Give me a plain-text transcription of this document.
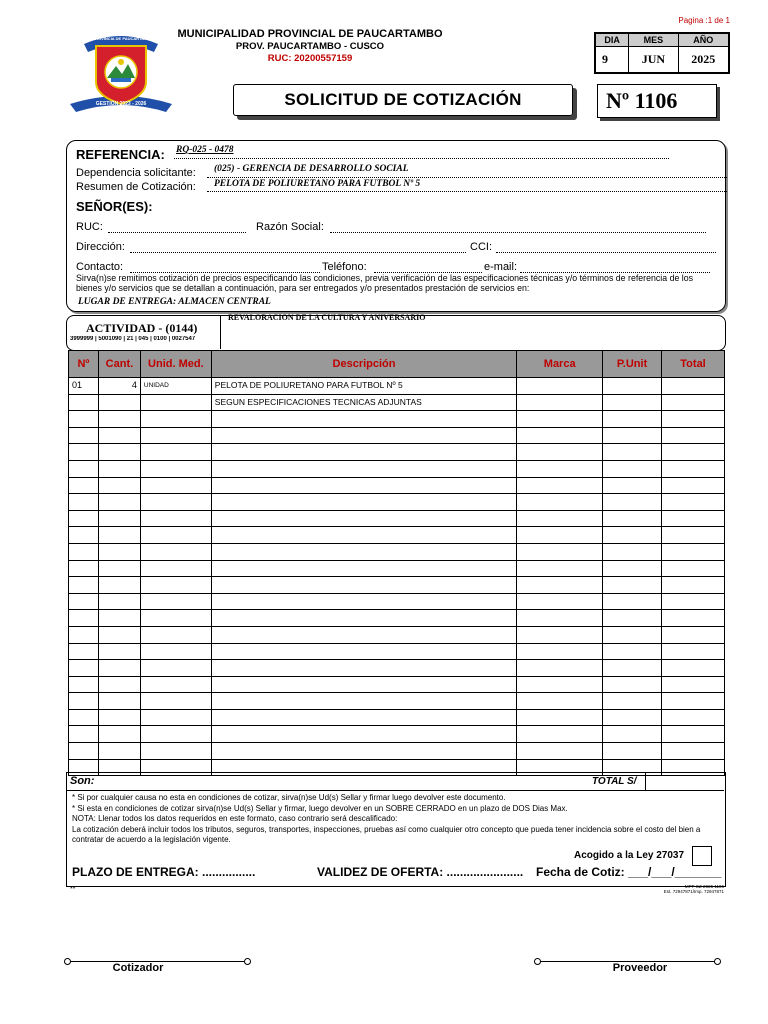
PROVINCIA DE PAUCARTAMBO
GESTIÓN 2023 - 2026
MUNICIPALIDAD PROVINCIAL DE PAUCARTAMBO
PROV. PAUCARTAMBO - CUSCO
RUC: 20200557159
Pagina :1 de 1
DIA	MES	AÑO
9	JUN	2025
SOLICITUD DE COTIZACIÓN	Nº 1106
REFERENCIA: RQ-025 - 0478
Dependencia solicitante: (025) - GERENCIA DE DESARROLLO SOCIAL
Resumen de Cotización: PELOTA DE POLIURETANO PARA FUTBOL Nº 5
SEÑOR(ES):
RUC:	Razón Social:
Dirección:	CCI:
Contacto:	Teléfono:	e-mail:
Sirva(n)se remitimos cotización de precios especificando las condiciones, previa verificación de las especificaciones técnicas y/o términos de referencia de los bienes y/o servicios que se detallan a continuación, para ser entregados y/o presentados prestación de servicios en:
LUGAR DE ENTREGA: ALMACEN CENTRAL
ACTIVIDAD - (0144)
3999999 | 5001090 | 21 | 045 | 0100 | 0027547
REVALORACION DE LA CULTURA Y ANIVERSARIO
Nº	Cant.	Unid. Med.	Descripción	Marca	P.Unit	Total
01	4	UNIDAD	PELOTA DE POLIURETANO PARA FUTBOL Nº 5			
			SEGUN ESPECIFICACIONES TECNICAS ADJUNTAS			

Son:	TOTAL S/
* Si por cualquier causa no esta en condiciones de cotizar, sirva(n)se Ud(s) Sellar y firmar luego devolver este documento.
* Si esta en condiciones de cotizar sirva(n)se Ud(s) Sellar y firmar, luego devolver en un SOBRE CERRADO en un plazo de DOS Dias Max.
NOTA: Llenar todos los datos requeridos en este formato, caso contrario será descalificado:
La cotización deberá incluir todos los tributos, seguros, transportes, inspecciones, pruebas así como cualquier otro concepto que pueda tener incidencia sobre el costo del bien a contratar de acuerdo a la legislación vigente.
Acogido a la Ley 27037
PLAZO DE ENTREGA: ................	VALIDEZ DE OFERTA: ....................... Fecha de Cotiz: ___/___/_______
MPP CZ 2025 1106
Est. 72947871/Imp. 72947871
**
Cotizador	Proveedor
